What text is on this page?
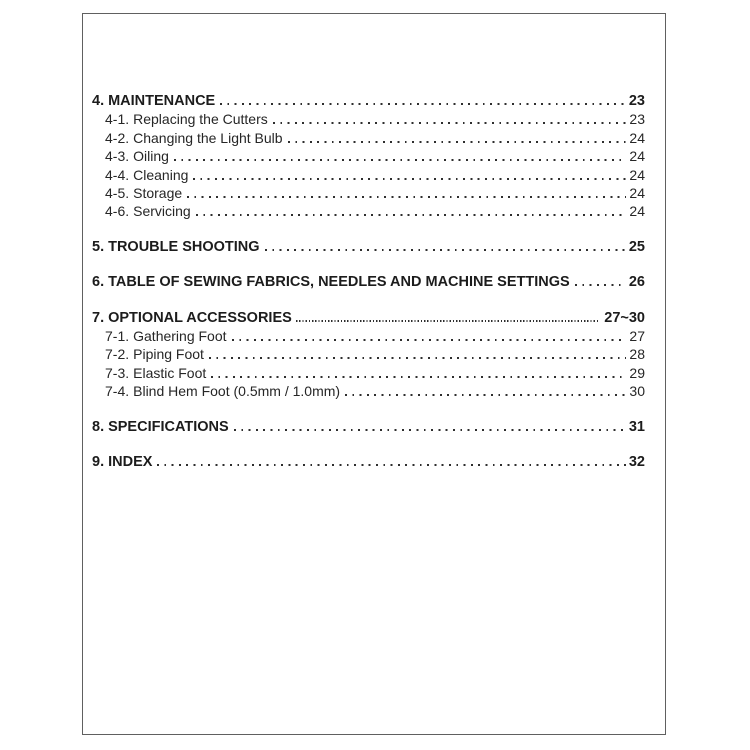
4. MAINTENANCE	23
4-1. Replacing the Cutters	23
4-2. Changing the Light Bulb	24
4-3. Oiling	24
4-4. Cleaning	24
4-5. Storage	24
4-6. Servicing	24
5. TROUBLE SHOOTING	25
6. TABLE OF SEWING FABRICS, NEEDLES AND MACHINE SETTINGS	26
7. OPTIONAL ACCESSORIES	27~30
7-1. Gathering Foot	27
7-2. Piping Foot	28
7-3. Elastic Foot	29
7-4. Blind Hem Foot (0.5mm / 1.0mm)	30
8. SPECIFICATIONS	31
9. INDEX	32
